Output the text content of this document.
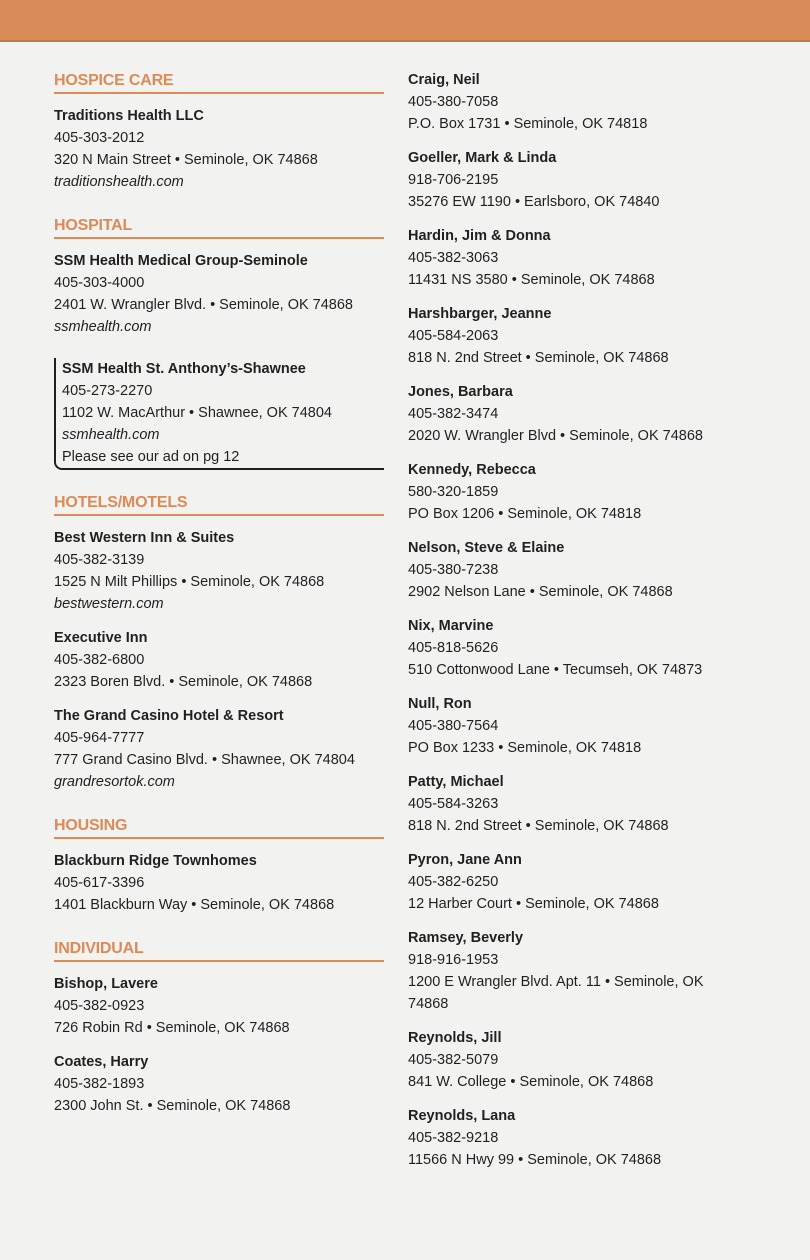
HOSPICE CARE
Traditions Health LLC
405-303-2012
320 N Main Street • Seminole, OK 74868
traditionshealth.com
HOSPITAL
SSM Health Medical Group-Seminole
405-303-4000
2401 W. Wrangler Blvd. • Seminole, OK 74868
ssmhealth.com
SSM Health St. Anthony’s-Shawnee
405-273-2270
1102 W. MacArthur • Shawnee, OK 74804
ssmhealth.com
Please see our ad on pg 12
HOTELS/MOTELS
Best Western Inn & Suites
405-382-3139
1525 N Milt Phillips • Seminole, OK 74868
bestwestern.com
Executive Inn
405-382-6800
2323 Boren Blvd. • Seminole, OK 74868
The Grand Casino Hotel & Resort
405-964-7777
777 Grand Casino Blvd. • Shawnee, OK 74804
grandresortok.com
HOUSING
Blackburn Ridge Townhomes
405-617-3396
1401 Blackburn Way • Seminole, OK 74868
INDIVIDUAL
Bishop, Lavere
405-382-0923
726 Robin Rd • Seminole, OK 74868
Coates, Harry
405-382-1893
2300 John St. • Seminole, OK 74868
Craig, Neil
405-380-7058
P.O. Box 1731 • Seminole, OK 74818
Goeller, Mark & Linda
918-706-2195
35276 EW 1190 • Earlsboro, OK 74840
Hardin, Jim & Donna
405-382-3063
11431 NS 3580 • Seminole, OK 74868
Harshbarger, Jeanne
405-584-2063
818 N. 2nd Street • Seminole, OK 74868
Jones, Barbara
405-382-3474
2020 W. Wrangler Blvd • Seminole, OK 74868
Kennedy, Rebecca
580-320-1859
PO Box 1206 • Seminole, OK 74818
Nelson, Steve & Elaine
405-380-7238
2902 Nelson Lane • Seminole, OK 74868
Nix, Marvine
405-818-5626
510 Cottonwood Lane • Tecumseh, OK 74873
Null, Ron
405-380-7564
PO Box 1233 • Seminole, OK 74818
Patty, Michael
405-584-3263
818 N. 2nd Street • Seminole, OK 74868
Pyron, Jane Ann
405-382-6250
12 Harber Court • Seminole, OK 74868
Ramsey, Beverly
918-916-1953
1200 E Wrangler Blvd. Apt. 11 • Seminole, OK 74868
Reynolds, Jill
405-382-5079
841 W. College • Seminole, OK 74868
Reynolds, Lana
405-382-9218
11566 N Hwy 99 • Seminole, OK 74868
